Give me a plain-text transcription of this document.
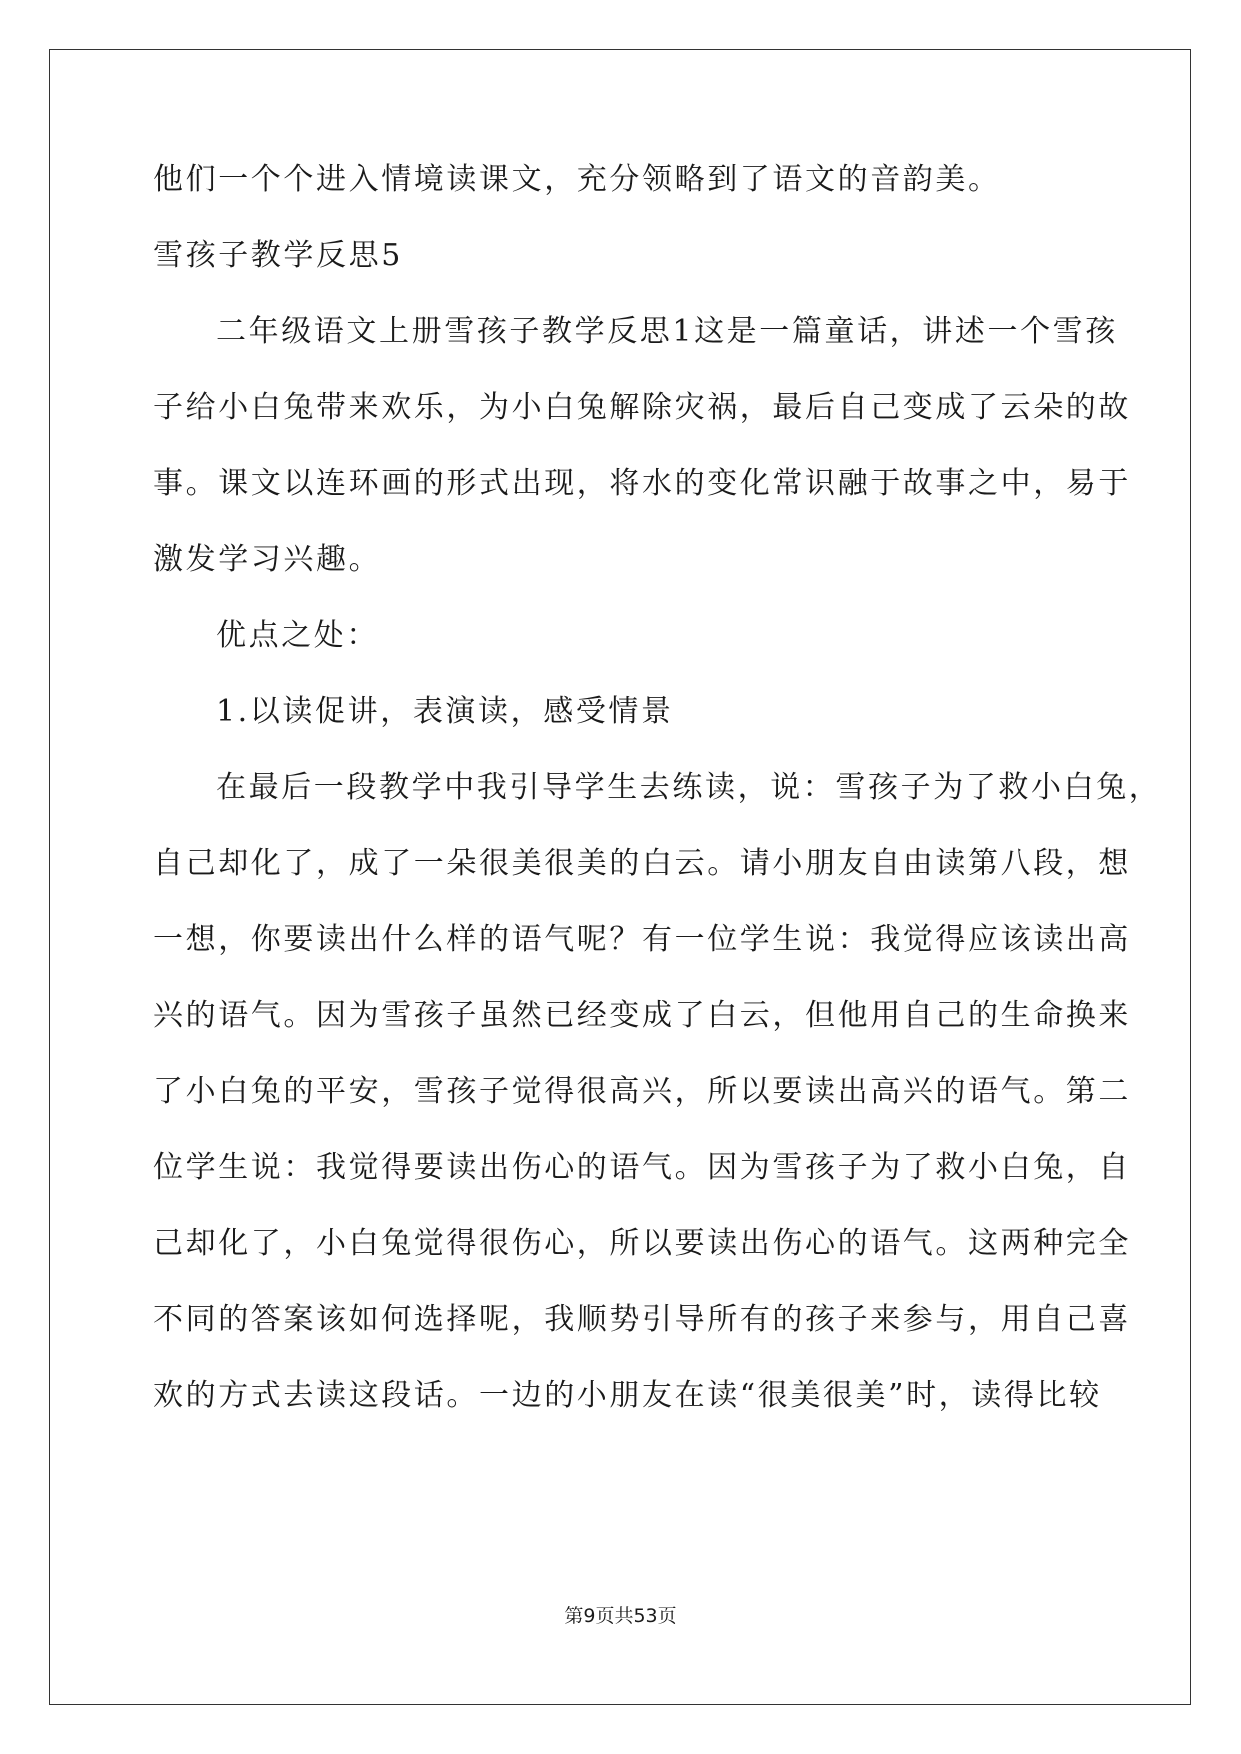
他们一个个进入情境读课文，充分领略到了语文的音韵美。
雪孩子教学反思5
二年级语文上册雪孩子教学反思1这是一篇童话，讲述一个雪孩
子给小白兔带来欢乐，为小白兔解除灾祸，最后自己变成了云朵的故
事。课文以连环画的形式出现，将水的变化常识融于故事之中，易于
激发学习兴趣。
优点之处：
1.以读促讲，表演读，感受情景
在最后一段教学中我引导学生去练读，说：雪孩子为了救小白兔，
自己却化了，成了一朵很美很美的白云。请小朋友自由读第八段，想
一想，你要读出什么样的语气呢？有一位学生说：我觉得应该读出高
兴的语气。因为雪孩子虽然已经变成了白云，但他用自己的生命换来
了小白兔的平安，雪孩子觉得很高兴，所以要读出高兴的语气。第二
位学生说：我觉得要读出伤心的语气。因为雪孩子为了救小白兔，自
己却化了，小白兔觉得很伤心，所以要读出伤心的语气。这两种完全
不同的答案该如何选择呢，我顺势引导所有的孩子来参与，用自己喜
欢的方式去读这段话。一边的小朋友在读“很美很美”时，读得比较
第9页共53页
